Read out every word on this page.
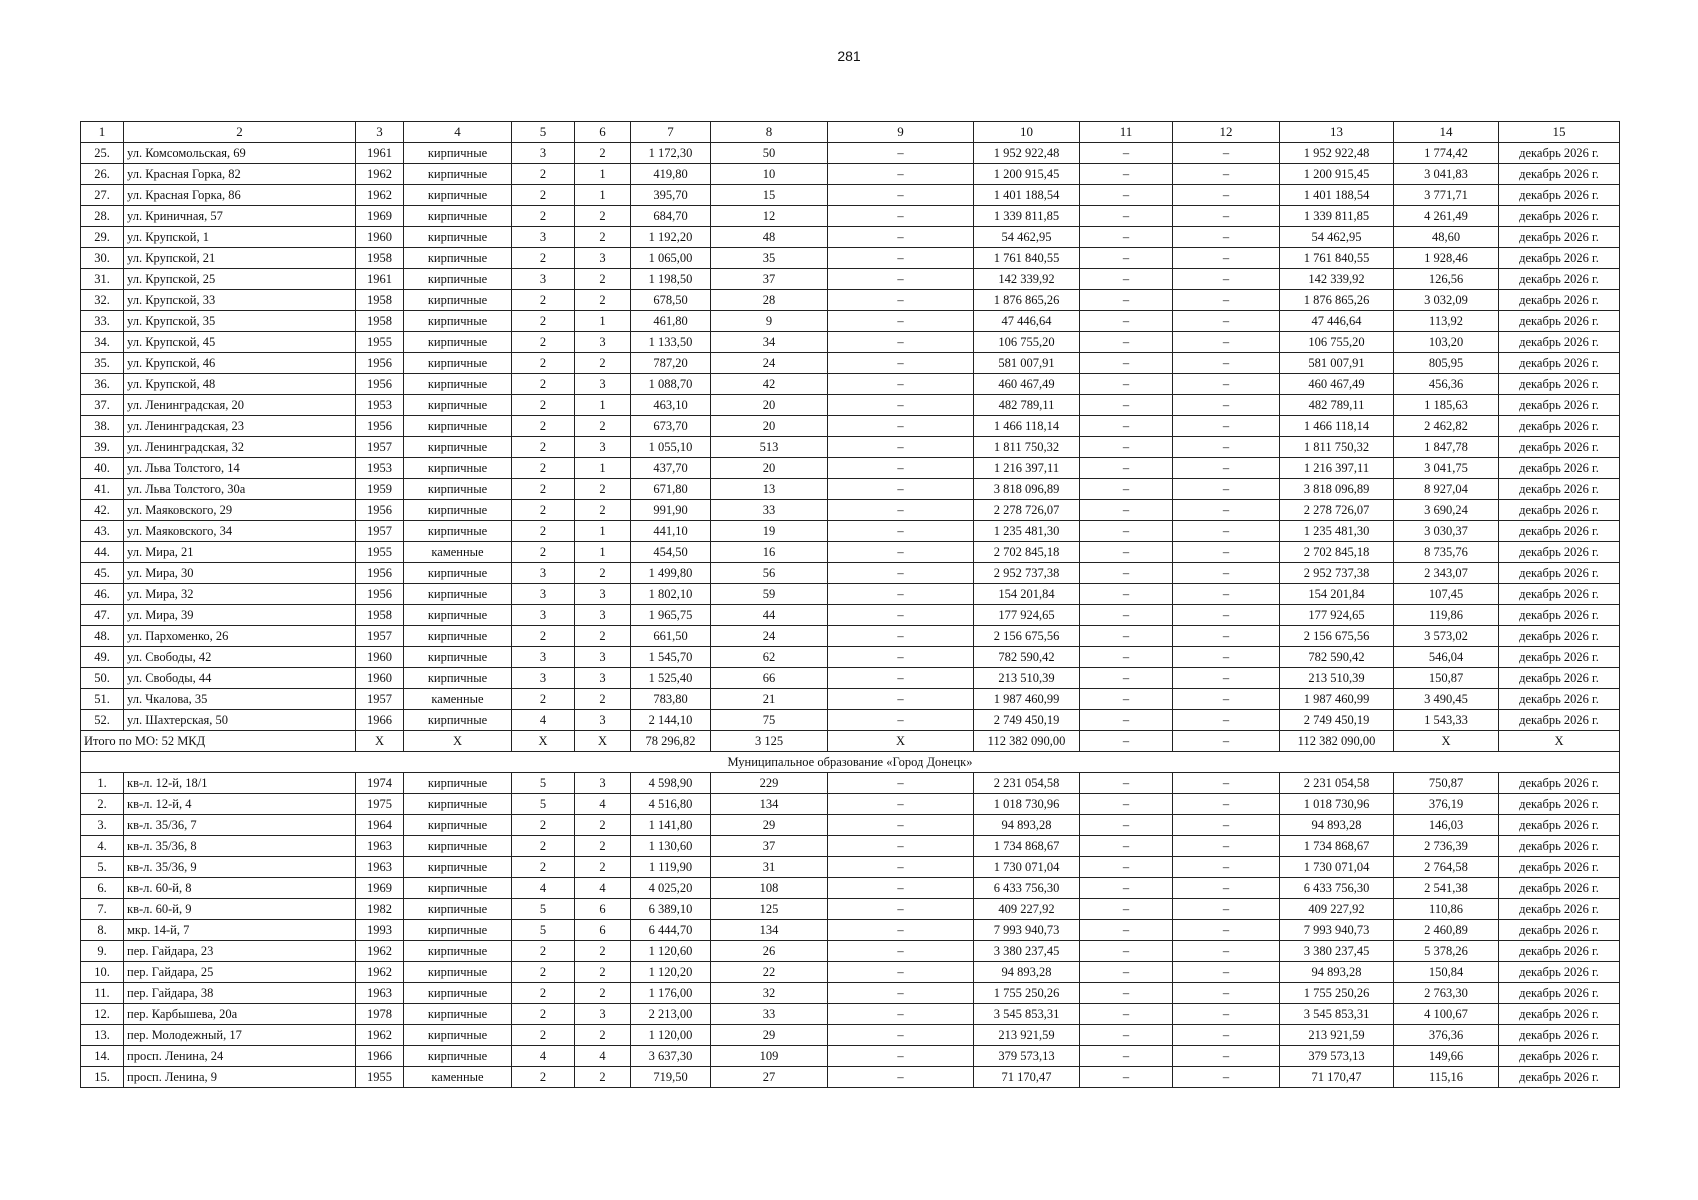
281
1	2	3	4	5	6	7	8	9	10	11	12	13	14	15
25.	ул. Комсомольская, 69	1961	кирпичные	3	2	1 172,30	50	–	1 952 922,48	–	–	1 952 922,48	1 774,42	декабрь 2026 г.
26.	ул. Красная Горка, 82	1962	кирпичные	2	1	419,80	10	–	1 200 915,45	–	–	1 200 915,45	3 041,83	декабрь 2026 г.
27.	ул. Красная Горка, 86	1962	кирпичные	2	1	395,70	15	–	1 401 188,54	–	–	1 401 188,54	3 771,71	декабрь 2026 г.
28.	ул. Криничная, 57	1969	кирпичные	2	2	684,70	12	–	1 339 811,85	–	–	1 339 811,85	4 261,49	декабрь 2026 г.
29.	ул. Крупской, 1	1960	кирпичные	3	2	1 192,20	48	–	54 462,95	–	–	54 462,95	48,60	декабрь 2026 г.
30.	ул. Крупской, 21	1958	кирпичные	2	3	1 065,00	35	–	1 761 840,55	–	–	1 761 840,55	1 928,46	декабрь 2026 г.
31.	ул. Крупской, 25	1961	кирпичные	3	2	1 198,50	37	–	142 339,92	–	–	142 339,92	126,56	декабрь 2026 г.
32.	ул. Крупской, 33	1958	кирпичные	2	2	678,50	28	–	1 876 865,26	–	–	1 876 865,26	3 032,09	декабрь 2026 г.
33.	ул. Крупской, 35	1958	кирпичные	2	1	461,80	9	–	47 446,64	–	–	47 446,64	113,92	декабрь 2026 г.
34.	ул. Крупской, 45	1955	кирпичные	2	3	1 133,50	34	–	106 755,20	–	–	106 755,20	103,20	декабрь 2026 г.
35.	ул. Крупской, 46	1956	кирпичные	2	2	787,20	24	–	581 007,91	–	–	581 007,91	805,95	декабрь 2026 г.
36.	ул. Крупской, 48	1956	кирпичные	2	3	1 088,70	42	–	460 467,49	–	–	460 467,49	456,36	декабрь 2026 г.
37.	ул. Ленинградская, 20	1953	кирпичные	2	1	463,10	20	–	482 789,11	–	–	482 789,11	1 185,63	декабрь 2026 г.
38.	ул. Ленинградская, 23	1956	кирпичные	2	2	673,70	20	–	1 466 118,14	–	–	1 466 118,14	2 462,82	декабрь 2026 г.
39.	ул. Ленинградская, 32	1957	кирпичные	2	3	1 055,10	513	–	1 811 750,32	–	–	1 811 750,32	1 847,78	декабрь 2026 г.
40.	ул. Льва Толстого, 14	1953	кирпичные	2	1	437,70	20	–	1 216 397,11	–	–	1 216 397,11	3 041,75	декабрь 2026 г.
41.	ул. Льва Толстого, 30а	1959	кирпичные	2	2	671,80	13	–	3 818 096,89	–	–	3 818 096,89	8 927,04	декабрь 2026 г.
42.	ул. Маяковского, 29	1956	кирпичные	2	2	991,90	33	–	2 278 726,07	–	–	2 278 726,07	3 690,24	декабрь 2026 г.
43.	ул. Маяковского, 34	1957	кирпичные	2	1	441,10	19	–	1 235 481,30	–	–	1 235 481,30	3 030,37	декабрь 2026 г.
44.	ул. Мира, 21	1955	каменные	2	1	454,50	16	–	2 702 845,18	–	–	2 702 845,18	8 735,76	декабрь 2026 г.
45.	ул. Мира, 30	1956	кирпичные	3	2	1 499,80	56	–	2 952 737,38	–	–	2 952 737,38	2 343,07	декабрь 2026 г.
46.	ул. Мира, 32	1956	кирпичные	3	3	1 802,10	59	–	154 201,84	–	–	154 201,84	107,45	декабрь 2026 г.
47.	ул. Мира, 39	1958	кирпичные	3	3	1 965,75	44	–	177 924,65	–	–	177 924,65	119,86	декабрь 2026 г.
48.	ул. Пархоменко, 26	1957	кирпичные	2	2	661,50	24	–	2 156 675,56	–	–	2 156 675,56	3 573,02	декабрь 2026 г.
49.	ул. Свободы, 42	1960	кирпичные	3	3	1 545,70	62	–	782 590,42	–	–	782 590,42	546,04	декабрь 2026 г.
50.	ул. Свободы, 44	1960	кирпичные	3	3	1 525,40	66	–	213 510,39	–	–	213 510,39	150,87	декабрь 2026 г.
51.	ул. Чкалова, 35	1957	каменные	2	2	783,80	21	–	1 987 460,99	–	–	1 987 460,99	3 490,45	декабрь 2026 г.
52.	ул. Шахтерская, 50	1966	кирпичные	4	3	2 144,10	75	–	2 749 450,19	–	–	2 749 450,19	1 543,33	декабрь 2026 г.
Итого по МО: 52 МКД		X	X	X	X	78 296,82	3 125	X	112 382 090,00	–	–	112 382 090,00	X	X
Муниципальное образование «Город Донецк»														
1.	кв-л. 12-й, 18/1	1974	кирпичные	5	3	4 598,90	229	–	2 231 054,58	–	–	2 231 054,58	750,87	декабрь 2026 г.
2.	кв-л. 12-й, 4	1975	кирпичные	5	4	4 516,80	134	–	1 018 730,96	–	–	1 018 730,96	376,19	декабрь 2026 г.
3.	кв-л. 35/36, 7	1964	кирпичные	2	2	1 141,80	29	–	94 893,28	–	–	94 893,28	146,03	декабрь 2026 г.
4.	кв-л. 35/36, 8	1963	кирпичные	2	2	1 130,60	37	–	1 734 868,67	–	–	1 734 868,67	2 736,39	декабрь 2026 г.
5.	кв-л. 35/36, 9	1963	кирпичные	2	2	1 119,90	31	–	1 730 071,04	–	–	1 730 071,04	2 764,58	декабрь 2026 г.
6.	кв-л. 60-й, 8	1969	кирпичные	4	4	4 025,20	108	–	6 433 756,30	–	–	6 433 756,30	2 541,38	декабрь 2026 г.
7.	кв-л. 60-й, 9	1982	кирпичные	5	6	6 389,10	125	–	409 227,92	–	–	409 227,92	110,86	декабрь 2026 г.
8.	мкр. 14-й, 7	1993	кирпичные	5	6	6 444,70	134	–	7 993 940,73	–	–	7 993 940,73	2 460,89	декабрь 2026 г.
9.	пер. Гайдара, 23	1962	кирпичные	2	2	1 120,60	26	–	3 380 237,45	–	–	3 380 237,45	5 378,26	декабрь 2026 г.
10.	пер. Гайдара, 25	1962	кирпичные	2	2	1 120,20	22	–	94 893,28	–	–	94 893,28	150,84	декабрь 2026 г.
11.	пер. Гайдара, 38	1963	кирпичные	2	2	1 176,00	32	–	1 755 250,26	–	–	1 755 250,26	2 763,30	декабрь 2026 г.
12.	пер. Карбышева, 20а	1978	кирпичные	2	3	2 213,00	33	–	3 545 853,31	–	–	3 545 853,31	4 100,67	декабрь 2026 г.
13.	пер. Молодежный, 17	1962	кирпичные	2	2	1 120,00	29	–	213 921,59	–	–	213 921,59	376,36	декабрь 2026 г.
14.	просп. Ленина, 24	1966	кирпичные	4	4	3 637,30	109	–	379 573,13	–	–	379 573,13	149,66	декабрь 2026 г.
15.	просп. Ленина, 9	1955	каменные	2	2	719,50	27	–	71 170,47	–	–	71 170,47	115,16	декабрь 2026 г.
